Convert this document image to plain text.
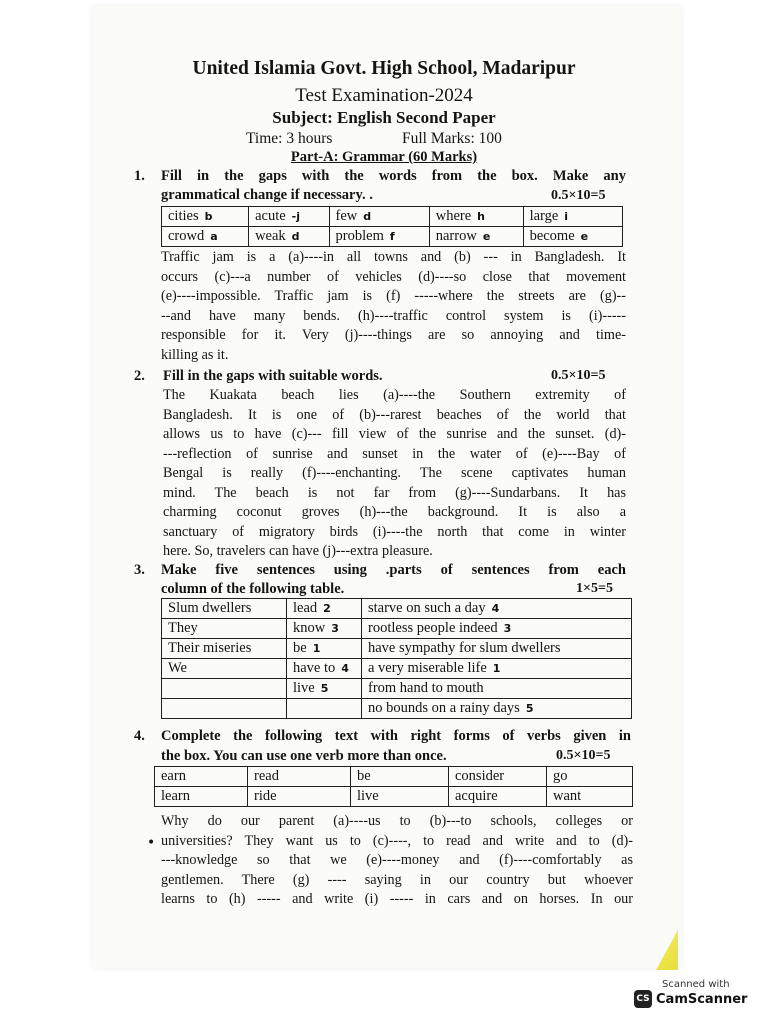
United Islamia Govt. High School, Madaripur
Test Examination-2024
Subject: English Second Paper
Time: 3 hours	Full Marks: 100
Part-A: Grammar (60 Marks)
1. Fill in the gaps with the words from the box. Make any
grammatical change if necessary. .	0.5×10=5
cities b	acute -j	few d	where h	large i
crowd a	weak d	problem f	narrow e	become e
Traffic jam is a (a)----in all towns and (b) --- in Bangladesh. It
occurs (c)---a number of vehicles (d)----so close that movement
(e)----impossible. Traffic jam is (f) -----where the streets are (g)--
--and have many bends. (h)----traffic control system is (i)-----
responsible for it. Very (j)----things are so annoying and time-
killing as it.
2. Fill in the gaps with suitable words.	0.5×10=5
The Kuakata beach lies (a)----the Southern extremity of
Bangladesh. It is one of (b)---rarest beaches of the world that
allows us to have (c)--- fill view of the sunrise and the sunset. (d)-
---reflection of sunrise and sunset in the water of (e)----Bay of
Bengal is really (f)----enchanting. The scene captivates human
mind. The beach is not far from (g)----Sundarbans. It has
charming coconut groves (h)---the background. It is also a
sanctuary of migratory birds (i)----the north that come in winter
here. So, travelers can have (j)---extra pleasure.
3. Make five sentences using .parts of sentences from each
column of the following table.	1×5=5
Slum dwellers	lead 2	starve on such a day 4
They	know 3	rootless people indeed 3
Their miseries	be 1	have sympathy for slum dwellers
We	have to 4	a very miserable life 1
	live 5	from hand to mouth
		no bounds on a rainy days 5
4. Complete the following text with right forms of verbs given in
the box. You can use one verb more than once.	0.5×10=5
earn	read	be	consider	go
learn	ride	live	acquire	want
•
Why do our parent (a)----us to (b)---to schools, colleges or
universities? They want us to (c)----, to read and write and to (d)-
---knowledge so that we (e)----money and (f)----comfortably as
gentlemen. There (g) ---- saying in our country but whoever
learns to (h) ----- and write (i) ----- in cars and on horses. In our
Scanned with
CS CamScanner
